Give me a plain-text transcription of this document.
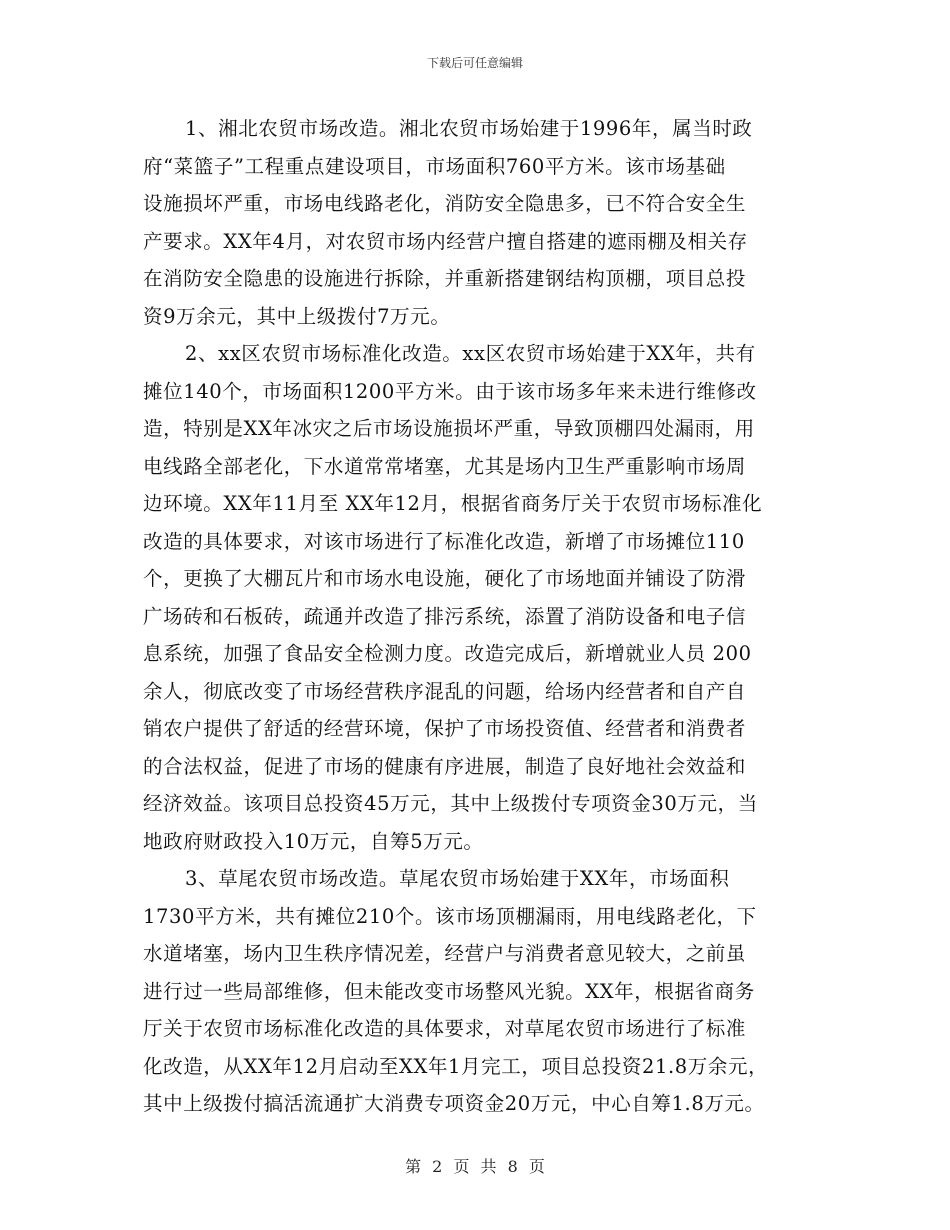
下载后可任意编辑
1、湘北农贸市场改造。湘北农贸市场始建于1996年，属当时政
府“菜篮子”工程重点建设项目，市场面积760平方米。该市场基础
设施损坏严重，市场电线路老化，消防安全隐患多，已不符合安全生
产要求。XX年4月，对农贸市场内经营户擅自搭建的遮雨棚及相关存
在消防安全隐患的设施进行拆除，并重新搭建钢结构顶棚，项目总投
资9万余元，其中上级拨付7万元。
2、xx区农贸市场标准化改造。xx区农贸市场始建于XX年，共有
摊位140个，市场面积1200平方米。由于该市场多年来未进行维修改
造，特别是XX年冰灾之后市场设施损坏严重，导致顶棚四处漏雨，用
电线路全部老化，下水道常常堵塞，尤其是场内卫生严重影响市场周
边环境。XX年11月至 XX年12月，根据省商务厅关于农贸市场标准化
改造的具体要求，对该市场进行了标准化改造，新增了市场摊位110
个，更换了大棚瓦片和市场水电设施，硬化了市场地面并铺设了防滑
广场砖和石板砖，疏通并改造了排污系统，添置了消防设备和电子信
息系统，加强了食品安全检测力度。改造完成后，新增就业人员 200
余人，彻底改变了市场经营秩序混乱的问题，给场内经营者和自产自
销农户提供了舒适的经营环境，保护了市场投资值、经营者和消费者
的合法权益，促进了市场的健康有序进展，制造了良好地社会效益和
经济效益。该项目总投资45万元，其中上级拨付专项资金30万元，当
地政府财政投入10万元，自筹5万元。
3、草尾农贸市场改造。草尾农贸市场始建于XX年，市场面积
1730平方米，共有摊位210个。该市场顶棚漏雨，用电线路老化，下
水道堵塞，场内卫生秩序情况差，经营户与消费者意见较大，之前虽
进行过一些局部维修，但未能改变市场整风光貌。XX年，根据省商务
厅关于农贸市场标准化改造的具体要求，对草尾农贸市场进行了标准
化改造，从XX年12月启动至XX年1月完工，项目总投资21.8万余元，
其中上级拨付搞活流通扩大消费专项资金20万元，中心自筹1.8万元。
第 2 页 共 8 页
